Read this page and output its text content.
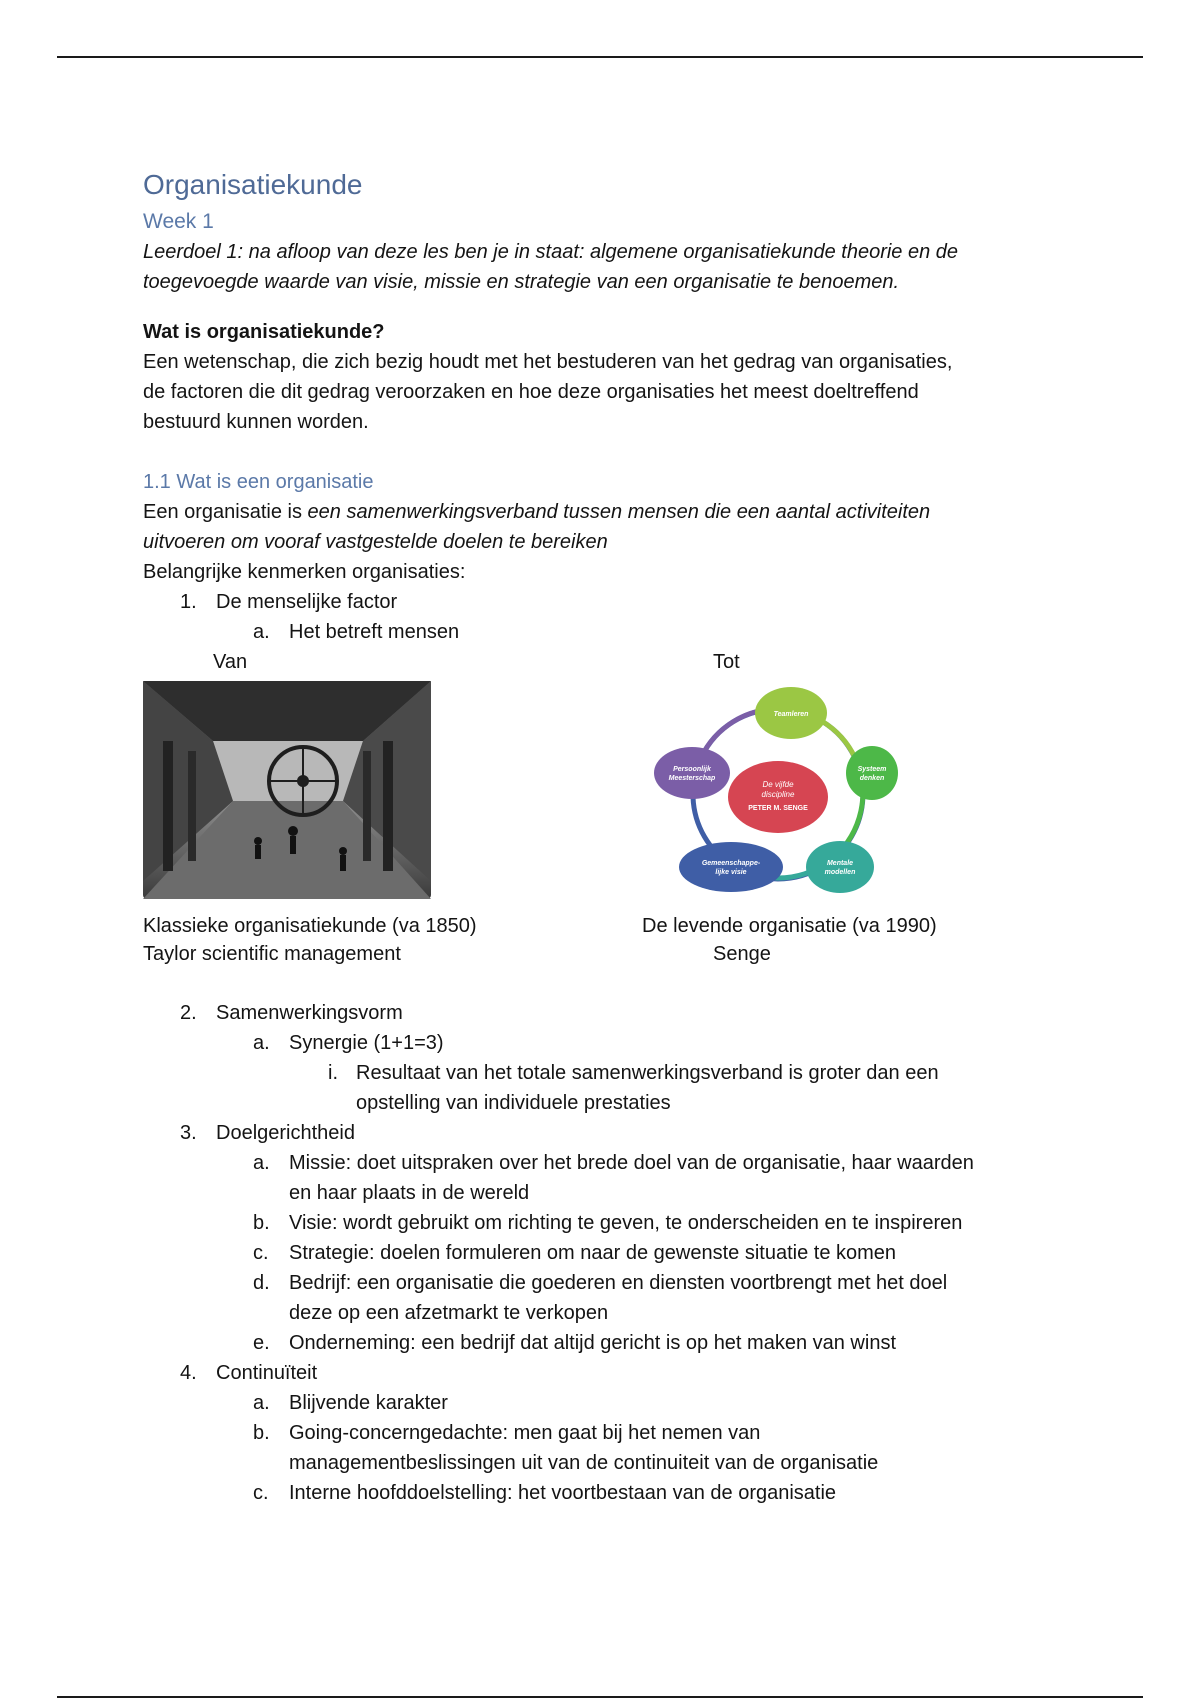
Organisatiekunde
Week 1

Leerdoel 1: na afloop van deze les ben je in staat: algemene organisatiekunde theorie en de
toegevoegde waarde van visie, missie en strategie van een organisatie te benoemen.

Wat is organisatiekunde?

Een wetenschap, die zich bezig houdt met het bestuderen van het gedrag van organisaties,
de factoren die dit gedrag veroorzaken en hoe deze organisaties het meest doeltreffend
bestuurd kunnen worden.

1.1 Wat is een organisatie

Een organisatie is een samenwerkingsverband tussen mensen die een aantal activiteiten
uitvoeren om vooraf vastgestelde doelen te bereiken

Belangrijke kenmerken organisaties:

1. De menselijke factor
a. Het betreft mensen
Van	Tot
De vijfde
discipline
PETER M. SENGE
Teamleren
Systeem
denken
Mentale
modellen
Gemeenschappe-
lijke visie
Persoonlijk
Meesterschap
Klassieke organisatiekunde (va 1850)
Taylor scientific management
De levende organisatie (va 1990)
Senge
2. Samenwerkingsvorm
a. Synergie (1+1=3)
i. Resultaat van het totale samenwerkingsverband is groter dan een
opstelling van individuele prestaties
3. Doelgerichtheid
a. Missie: doet uitspraken over het brede doel van de organisatie, haar waarden
en haar plaats in de wereld
b. Visie: wordt gebruikt om richting te geven, te onderscheiden en te inspireren
c.	Strategie: doelen formuleren om naar de gewenste situatie te komen
d. Bedrijf: een organisatie die goederen en diensten voortbrengt met het doel
deze op een afzetmarkt te verkopen
e. Onderneming: een bedrijf dat altijd gericht is op het maken van winst
4. Continuïteit
a. Blijvende karakter
b. Going-concerngedachte: men gaat bij het nemen van
managementbeslissingen uit van de continuiteit van de organisatie
c.	Interne hoofddoelstelling: het voortbestaan van de organisatie
